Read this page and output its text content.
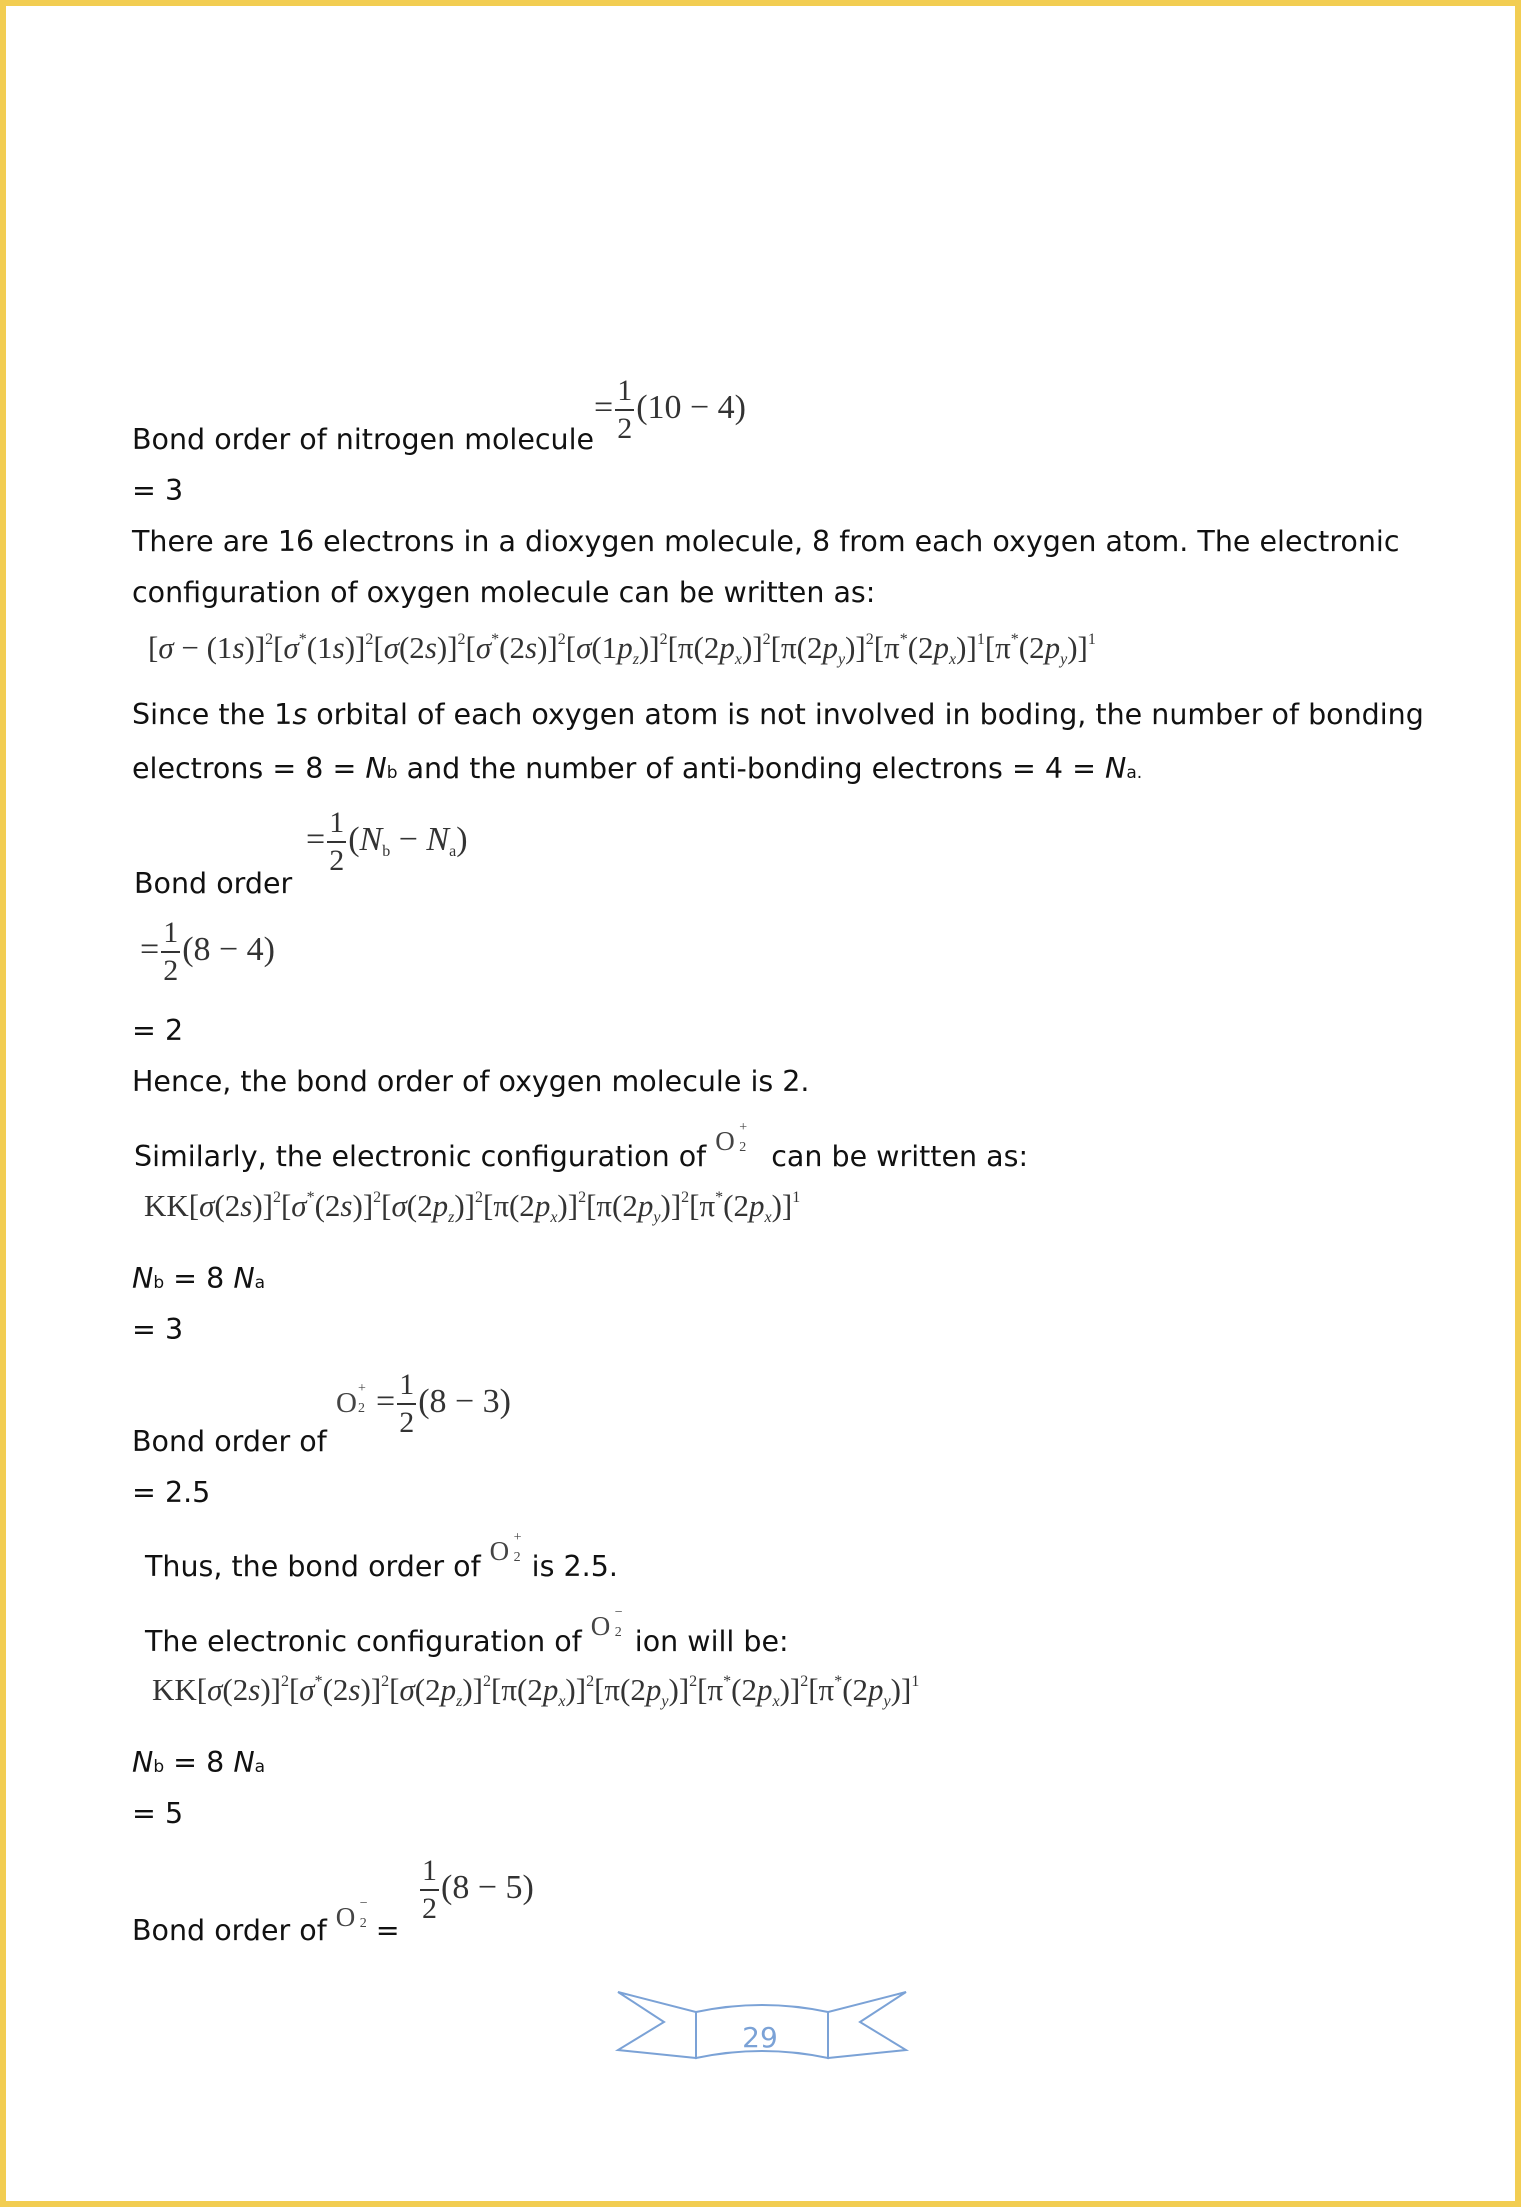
Bond order of nitrogen molecule
= $\frac{1}{2} (10 - 4)$
= 3
There are 16 electrons in a dioxygen molecule, 8 from each oxygen atom. The electronic
configuration of oxygen molecule can be written as:
$[\sigma - (1s)]^2[\sigma^*(1s)]^2[\sigma(2s)]^2[\sigma^*(2s)]^2[\sigma(1pz)]^2[\pi(2px)]^2[\pi(2py)]^2[\pi^*(2px)]^1[\pi^*(2py)]^1$
Since the 1s orbital of each oxygen atom is not involved in boding, the number of bonding
electrons = 8 = Nb and the number of anti-bonding electrons = 4 = Na.
Bond order
= $\frac{1}{2} (Nb - Na)$
= $\frac{1}{2} (8 - 4)$
= 2
Hence, the bond order of oxygen molecule is 2.
Similarly, the electronic configuration of O +
2 can be written as:
$KK[\sigma(2s)]^2[\sigma^*(2s)]^2[\sigma(2pz)]^2[\pi(2px)]^2[\pi(2py)]^2[\pi^*(2px)]^1$
Nb = 8 Na
= 3
Bond order of
O +
$2 = \frac{1}{2} (8 - 3)$
= 2.5
Thus, the bond order of O +
2 is 2.5.
The electronic configuration of O −
2 ion will be:
$KK[\sigma(2s)]^2[\sigma^*(2s)]^2[\sigma(2pz)]^2[\pi(2px)]^2[\pi(2py)]^2[\pi^*(2px)]^2[\pi^*(2py)]^1$
Nb = 8 Na
= 5
Bond order of O −
2 =
$\frac{1}{2} (8 - 5)$
29
